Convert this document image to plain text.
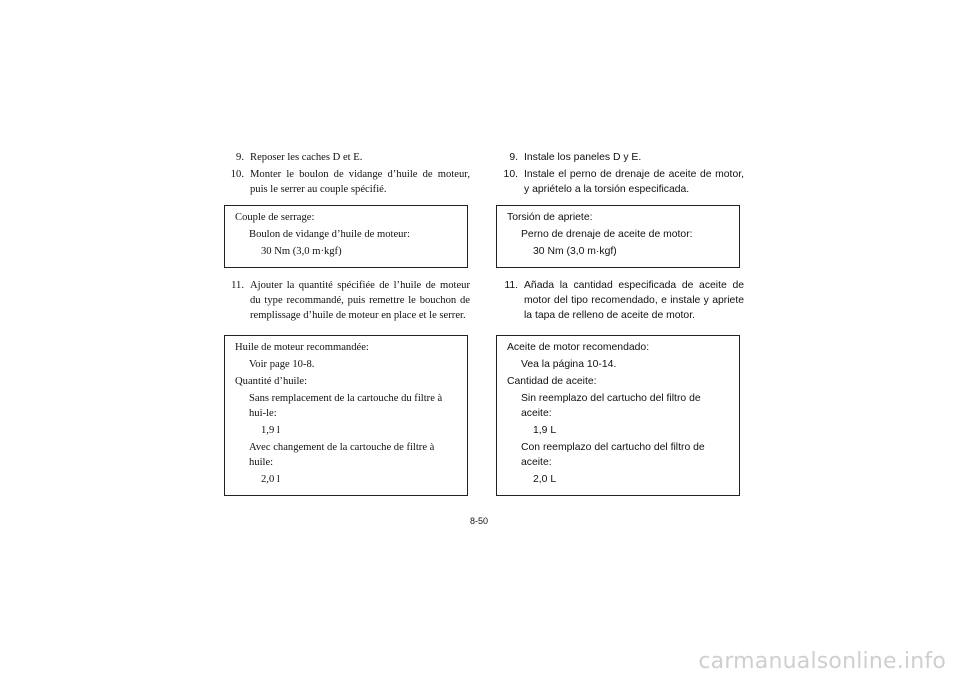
9. Reposer les caches D et E.
10. Monter le boulon de vidange d’huile de moteur, puis le serrer au couple spécifié.
Couple de serrage:
Boulon de vidange d’huile de moteur:
30 Nm (3,0 m·kgf)
11. Ajouter la quantité spécifiée de l’huile de moteur du type recommandé, puis remettre le bouchon de remplissage d’huile de moteur en place et le serrer.
Huile de moteur recommandée:
Voir page 10-8.
Quantité d’huile:
Sans remplacement de la cartouche du filtre à hui-le:
1,9 l
Avec changement de la cartouche de filtre à huile:
2,0 l
9. Instale los paneles D y E.
10. Instale el perno de drenaje de aceite de motor, y apriételo a la torsión especificada.
Torsión de apriete:
Perno de drenaje de aceite de motor:
30 Nm (3,0 m·kgf)
11. Añada la cantidad especificada de aceite de motor del tipo recomendado, e instale y apriete la tapa de relleno de aceite de motor.
Aceite de motor recomendado:
Vea la página 10-14.
Cantidad de aceite:
Sin reemplazo del cartucho del filtro de aceite:
1,9 L
Con reemplazo del cartucho del filtro de aceite:
2,0 L
8-50
carmanualsonline.info
